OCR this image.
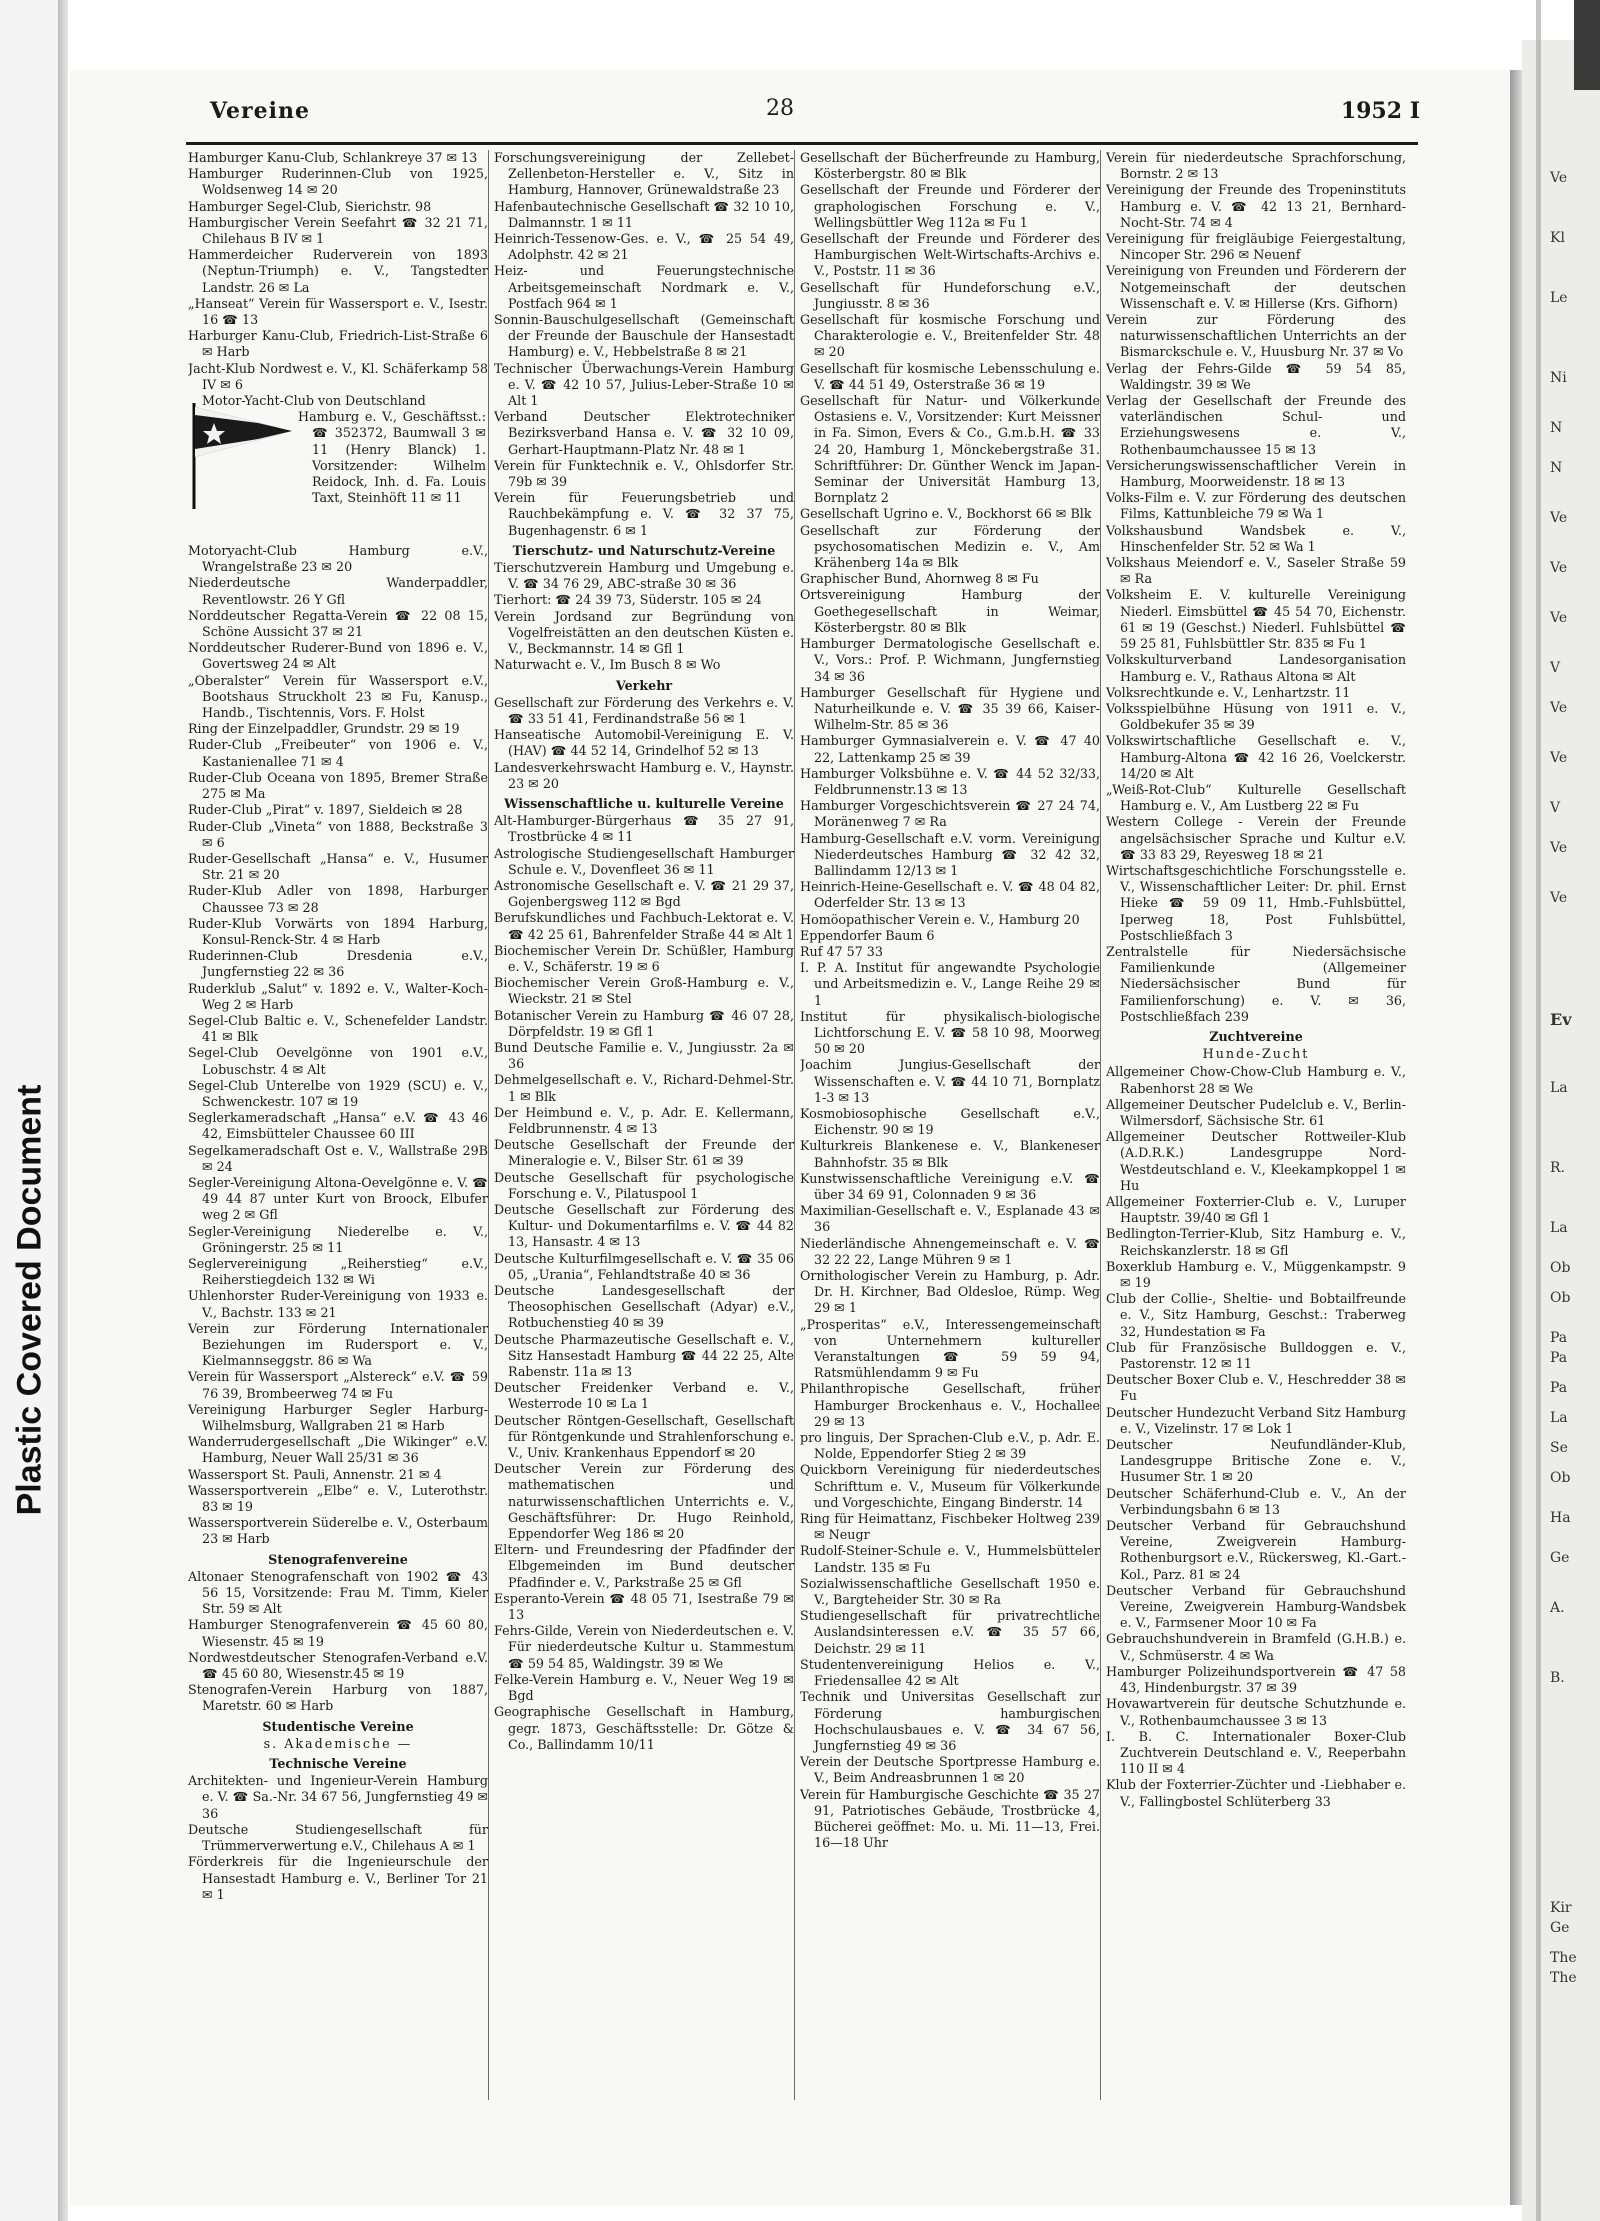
Plastic Covered Document
Ve
Kl
Le
Ni
N
N
Ve
Ve
Ve
V
Ve
Ve
V
Ve
Ve
Ev
La
R.
La
Ob
Ob
Pa
Pa
Pa
La
Se
Ob
Ha
Ge
A.
B.
Kir
Ge
The
The
Vereine	28	1952 I

Hamburger Kanu-Club, Schlankreye 37 ✉ 13

Hamburger Ruderinnen-Club von 1925, Woldsenweg 14 ✉ 20

Hamburger Segel-Club, Sierichstr. 98

Hamburgischer Verein Seefahrt ☎ 32 21 71, Chilehaus B IV ✉ 1

Hammerdeicher Ruderverein von 1893 (Neptun-Triumph) e. V., Tangstedter Landstr. 26 ✉ La

„Hanseat“ Verein für Wassersport e. V., Isestr. 16 ☎ 13

Harburger Kanu-Club, Friedrich-List-Straße 6 ✉ Harb

Jacht-Klub Nordwest e. V., Kl. Schäferkamp 58 IV ✉ 6

Motor-Yacht-Club von Deutschland

Hamburg e. V., Geschäftsst.: ☎ 352372, Baumwall 3 ✉ 11 (Henry Blanck) 1. Vorsitzender: Wilhelm Reidock, Inh. d. Fa. Louis Taxt, Steinhöft 11 ✉ 11

Motoryacht-Club Hamburg e.V., Wrangelstraße 23 ✉ 20

Niederdeutsche Wanderpaddler, Reventlowstr. 26 Y Gfl

Norddeutscher Regatta-Verein ☎ 22 08 15, Schöne Aussicht 37 ✉ 21

Norddeutscher Ruderer-Bund von 1896 e. V., Govertsweg 24 ✉ Alt

„Oberalster“ Verein für Wassersport e.V., Bootshaus Struckholt 23 ✉ Fu, Kanusp., Handb., Tischtennis, Vors. F. Holst

Ring der Einzelpaddler, Grundstr. 29 ✉ 19

Ruder-Club „Freibeuter“ von 1906 e. V., Kastanienallee 71 ✉ 4

Ruder-Club Oceana von 1895, Bremer Straße 275 ✉ Ma

Ruder-Club „Pirat“ v. 1897, Sieldeich ✉ 28

Ruder-Club „Vineta“ von 1888, Beckstraße 3 ✉ 6

Ruder-Gesellschaft „Hansa“ e. V., Husumer Str. 21 ✉ 20

Ruder-Klub Adler von 1898, Harburger Chaussee 73 ✉ 28

Ruder-Klub Vorwärts von 1894 Harburg, Konsul-Renck-Str. 4 ✉ Harb

Ruderinnen-Club Dresdenia e.V., Jungfernstieg 22 ✉ 36

Ruderklub „Salut“ v. 1892 e. V., Walter-Koch-Weg 2 ✉ Harb

Segel-Club Baltic e. V., Schenefelder Landstr. 41 ✉ Blk

Segel-Club Oevelgönne von 1901 e.V., Lobuschstr. 4 ✉ Alt

Segel-Club Unterelbe von 1929 (SCU) e. V., Schwenckestr. 107 ✉ 19

Seglerkameradschaft „Hansa“ e.V. ☎ 43 46 42, Eimsbütteler Chaussee 60 III

Segelkameradschaft Ost e. V., Wallstraße 29B ✉ 24

Segler-Vereinigung Altona-Oevelgönne e. V. ☎ 49 44 87 unter Kurt von Broock, Elbufer weg 2 ✉ Gfl

Segler-Vereinigung Niederelbe e. V., Gröningerstr. 25 ✉ 11

Seglervereinigung „Reiherstieg“ e.V., Reiherstiegdeich 132 ✉ Wi

Uhlenhorster Ruder-Vereinigung von 1933 e. V., Bachstr. 133 ✉ 21

Verein zur Förderung Internationaler Beziehungen im Rudersport e. V., Kielmannseggstr. 86 ✉ Wa

Verein für Wassersport „Alstereck“ e.V. ☎ 59 76 39, Brombeerweg 74 ✉ Fu

Vereinigung Harburger Segler Harburg-Wilhelmsburg, Wallgraben 21 ✉ Harb

Wanderrudergesellschaft „Die Wikinger“ e.V. Hamburg, Neuer Wall 25/31 ✉ 36

Wassersport St. Pauli, Annenstr. 21 ✉ 4

Wassersportverein „Elbe“ e. V., Luterothstr. 83 ✉ 19

Wassersportverein Süderelbe e. V., Osterbaum 23 ✉ Harb

Stenografenvereine

Altonaer Stenografenschaft von 1902 ☎ 43 56 15, Vorsitzende: Frau M. Timm, Kieler Str. 59 ✉ Alt

Hamburger Stenografenverein ☎ 45 60 80, Wiesenstr. 45 ✉ 19

Nordwestdeutscher Stenografen-Verband e.V. ☎ 45 60 80, Wiesenstr.45 ✉ 19

Stenografen-Verein Harburg von 1887, Maretstr. 60 ✉ Harb

Studentische Vereine

s. Akademische —

Technische Vereine

Architekten- und Ingenieur-Verein Hamburg e. V. ☎ Sa.-Nr. 34 67 56, Jungfernstieg 49 ✉ 36

Deutsche Studiengesellschaft für Trümmerverwertung e.V., Chilehaus A ✉ 1

Förderkreis für die Ingenieurschule der Hansestadt Hamburg e. V., Berliner Tor 21 ✉ 1

Forschungsvereinigung der Zellebet-Zellenbeton-Hersteller e. V., Sitz in Hamburg, Hannover, Grünewaldstraße 23

Hafenbautechnische Gesellschaft ☎ 32 10 10, Dalmannstr. 1 ✉ 11

Heinrich-Tessenow-Ges. e. V., ☎ 25 54 49, Adolphstr. 42 ✉ 21

Heiz- und Feuerungstechnische Arbeitsgemeinschaft Nordmark e. V., Postfach 964 ✉ 1

Sonnin-Bauschulgesellschaft (Gemeinschaft der Freunde der Bauschule der Hansestadt Hamburg) e. V., Hebbelstraße 8 ✉ 21

Technischer Überwachungs-Verein Hamburg e. V. ☎ 42 10 57, Julius-Leber-Straße 10 ✉ Alt 1

Verband Deutscher Elektrotechniker Bezirksverband Hansa e. V. ☎ 32 10 09, Gerhart-Hauptmann-Platz Nr. 48 ✉ 1

Verein für Funktechnik e. V., Ohlsdorfer Str. 79b ✉ 39

Verein für Feuerungsbetrieb und Rauchbekämpfung e. V. ☎ 32 37 75, Bugenhagenstr. 6 ✉ 1

Tierschutz- und Naturschutz-Vereine

Tierschutzverein Hamburg und Umgebung e. V. ☎ 34 76 29, ABC-straße 30 ✉ 36

Tierhort: ☎ 24 39 73, Süderstr. 105 ✉ 24

Verein Jordsand zur Begründung von Vogelfreistätten an den deutschen Küsten e. V., Beckmannstr. 14 ✉ Gfl 1

Naturwacht e. V., Im Busch 8 ✉ Wo

Verkehr

Gesellschaft zur Förderung des Verkehrs e. V. ☎ 33 51 41, Ferdinandstraße 56 ✉ 1

Hanseatische Automobil-Vereinigung E. V. (HAV) ☎ 44 52 14, Grindelhof 52 ✉ 13

Landesverkehrswacht Hamburg e. V., Haynstr. 23 ✉ 20

Wissenschaftliche u. kulturelle Vereine

Alt-Hamburger-Bürgerhaus ☎ 35 27 91, Trostbrücke 4 ✉ 11

Astrologische Studiengesellschaft Hamburger Schule e. V., Dovenfleet 36 ✉ 11

Astronomische Gesellschaft e. V. ☎ 21 29 37, Gojenbergsweg 112 ✉ Bgd

Berufskundliches und Fachbuch-Lektorat e. V. ☎ 42 25 61, Bahrenfelder Straße 44 ✉ Alt 1

Biochemischer Verein Dr. Schüßler, Hamburg e. V., Schäferstr. 19 ✉ 6

Biochemischer Verein Groß-Hamburg e. V., Wieckstr. 21 ✉ Stel

Botanischer Verein zu Hamburg ☎ 46 07 28, Dörpfeldstr. 19 ✉ Gfl 1

Bund Deutsche Familie e. V., Jungiusstr. 2a ✉ 36

Dehmelgesellschaft e. V., Richard-Dehmel-Str. 1 ✉ Blk

Der Heimbund e. V., p. Adr. E. Kellermann, Feldbrunnenstr. 4 ✉ 13

Deutsche Gesellschaft der Freunde der Mineralogie e. V., Bilser Str. 61 ✉ 39

Deutsche Gesellschaft für psychologische Forschung e. V., Pilatuspool 1

Deutsche Gesellschaft zur Förderung des Kultur- und Dokumentarfilms e. V. ☎ 44 82 13, Hansastr. 4 ✉ 13

Deutsche Kulturfilmgesellschaft e. V. ☎ 35 06 05, „Urania“, Fehlandtstraße 40 ✉ 36

Deutsche Landesgesellschaft der Theosophischen Gesellschaft (Adyar) e.V., Rotbuchenstieg 40 ✉ 39

Deutsche Pharmazeutische Gesellschaft e. V., Sitz Hansestadt Hamburg ☎ 44 22 25, Alte Rabenstr. 11a ✉ 13

Deutscher Freidenker Verband e. V., Westerrode 10 ✉ La 1

Deutscher Röntgen-Gesellschaft, Gesellschaft für Röntgenkunde und Strahlenforschung e. V., Univ. Krankenhaus Eppendorf ✉ 20

Deutscher Verein zur Förderung des mathematischen und naturwissenschaftlichen Unterrichts e. V., Geschäftsführer: Dr. Hugo Reinhold, Eppendorfer Weg 186 ✉ 20

Eltern- und Freundesring der Pfadfinder der Elbgemeinden im Bund deutscher Pfadfinder e. V., Parkstraße 25 ✉ Gfl

Esperanto-Verein ☎ 48 05 71, Isestraße 79 ✉ 13

Fehrs-Gilde, Verein von Niederdeutschen e. V. Für niederdeutsche Kultur u. Stammestum ☎ 59 54 85, Waldingstr. 39 ✉ We

Felke-Verein Hamburg e. V., Neuer Weg 19 ✉ Bgd

Geographische Gesellschaft in Hamburg, gegr. 1873, Geschäftsstelle: Dr. Götze & Co., Ballindamm 10/11

Gesellschaft der Bücherfreunde zu Hamburg, Kösterbergstr. 80 ✉ Blk

Gesellschaft der Freunde und Förderer der graphologischen Forschung e. V., Wellingsbüttler Weg 112a ✉ Fu 1

Gesellschaft der Freunde und Förderer des Hamburgischen Welt-Wirtschafts-Archivs e. V., Poststr. 11 ✉ 36

Gesellschaft für Hundeforschung e.V., Jungiusstr. 8 ✉ 36

Gesellschaft für kosmische Forschung und Charakterologie e. V., Breitenfelder Str. 48 ✉ 20

Gesellschaft für kosmische Lebensschulung e. V. ☎ 44 51 49, Osterstraße 36 ✉ 19

Gesellschaft für Natur- und Völkerkunde Ostasiens e. V., Vorsitzender: Kurt Meissner in Fa. Simon, Evers & Co., G.m.b.H. ☎ 33 24 20, Hamburg 1, Mönckebergstraße 31. Schriftführer: Dr. Günther Wenck im Japan-Seminar der Universität Hamburg 13, Bornplatz 2

Gesellschaft Ugrino e. V., Bockhorst 66 ✉ Blk

Gesellschaft zur Förderung der psychosomatischen Medizin e. V., Am Krähenberg 14a ✉ Blk

Graphischer Bund, Ahornweg 8 ✉ Fu

Ortsvereinigung Hamburg der Goethegesellschaft in Weimar, Kösterbergstr. 80 ✉ Blk

Hamburger Dermatologische Gesellschaft e. V., Vors.: Prof. P. Wichmann, Jungfernstieg 34 ✉ 36

Hamburger Gesellschaft für Hygiene und Naturheilkunde e. V. ☎ 35 39 66, Kaiser-Wilhelm-Str. 85 ✉ 36

Hamburger Gymnasialverein e. V. ☎ 47 40 22, Lattenkamp 25 ✉ 39

Hamburger Volksbühne e. V. ☎ 44 52 32/33, Feldbrunnenstr.13 ✉ 13

Hamburger Vorgeschichtsverein ☎ 27 24 74, Moränenweg 7 ✉ Ra

Hamburg-Gesellschaft e.V. vorm. Vereinigung Niederdeutsches Hamburg ☎ 32 42 32, Ballindamm 12/13 ✉ 1

Heinrich-Heine-Gesellschaft e. V. ☎ 48 04 82, Oderfelder Str. 13 ✉ 13

Homöopathischer Verein e. V., Hamburg 20

Eppendorfer Baum 6

Ruf 47 57 33

I. P. A. Institut für angewandte Psychologie und Arbeitsmedizin e. V., Lange Reihe 29 ✉ 1

Institut für physikalisch-biologische Lichtforschung E. V. ☎ 58 10 98, Moorweg 50 ✉ 20

Joachim Jungius-Gesellschaft der Wissenschaften e. V. ☎ 44 10 71, Bornplatz 1-3 ✉ 13

Kosmobiosophische Gesellschaft e.V., Eichenstr. 90 ✉ 19

Kulturkreis Blankenese e. V., Blankeneser Bahnhofstr. 35 ✉ Blk

Kunstwissenschaftliche Vereinigung e.V. ☎ über 34 69 91, Colonnaden 9 ✉ 36

Maximilian-Gesellschaft e. V., Esplanade 43 ✉ 36

Niederländische Ahnengemeinschaft e. V. ☎ 32 22 22, Lange Mühren 9 ✉ 1

Ornithologischer Verein zu Hamburg, p. Adr. Dr. H. Kirchner, Bad Oldesloe, Rümp. Weg 29 ✉ 1

„Prosperitas“ e.V., Interessengemeinschaft von Unternehmern kultureller Veranstaltungen ☎ 59 59 94, Ratsmühlendamm 9 ✉ Fu

Philanthropische Gesellschaft, früher Hamburger Brockenhaus e. V., Hochallee 29 ✉ 13

pro linguis, Der Sprachen-Club e.V., p. Adr. E. Nolde, Eppendorfer Stieg 2 ✉ 39

Quickborn Vereinigung für niederdeutsches Schrifttum e. V., Museum für Völkerkunde und Vorgeschichte, Eingang Binderstr. 14

Ring für Heimattanz, Fischbeker Holtweg 239 ✉ Neugr

Rudolf-Steiner-Schule e. V., Hummelsbütteler Landstr. 135 ✉ Fu

Sozialwissenschaftliche Gesellschaft 1950 e. V., Bargteheider Str. 30 ✉ Ra

Studiengesellschaft für privatrechtliche Auslandsinteressen e.V. ☎ 35 57 66, Deichstr. 29 ✉ 11

Studentenvereinigung Helios e. V., Friedensallee 42 ✉ Alt

Technik und Universitas Gesellschaft zur Förderung hamburgischen Hochschulausbaues e. V. ☎ 34 67 56, Jungfernstieg 49 ✉ 36

Verein der Deutsche Sportpresse Hamburg e. V., Beim Andreasbrunnen 1 ✉ 20

Verein für Hamburgische Geschichte ☎ 35 27 91, Patriotisches Gebäude, Trostbrücke 4, Bücherei geöffnet: Mo. u. Mi. 11—13, Frei. 16—18 Uhr

Verein für niederdeutsche Sprachforschung, Bornstr. 2 ✉ 13

Vereinigung der Freunde des Tropeninstituts Hamburg e. V. ☎ 42 13 21, Bernhard-Nocht-Str. 74 ✉ 4

Vereinigung für freigläubige Feiergestaltung, Nincoper Str. 296 ✉ Neuenf

Vereinigung von Freunden und Förderern der Notgemeinschaft der deutschen Wissenschaft e. V. ✉ Hillerse (Krs. Gifhorn)

Verein zur Förderung des naturwissenschaftlichen Unterrichts an der Bismarckschule e. V., Huusburg Nr. 37 ✉ Vo

Verlag der Fehrs-Gilde ☎ 59 54 85, Waldingstr. 39 ✉ We

Verlag der Gesellschaft der Freunde des vaterländischen Schul- und Erziehungswesens e. V., Rothenbaumchaussee 15 ✉ 13

Versicherungswissenschaftlicher Verein in Hamburg, Moorweidenstr. 18 ✉ 13

Volks-Film e. V. zur Förderung des deutschen Films, Kattunbleiche 79 ✉ Wa 1

Volkshausbund Wandsbek e. V., Hinschenfelder Str. 52 ✉ Wa 1

Volkshaus Meiendorf e. V., Saseler Straße 59 ✉ Ra

Volksheim E. V. kulturelle Vereinigung Niederl. Eimsbüttel ☎ 45 54 70, Eichenstr. 61 ✉ 19 (Geschst.) Niederl. Fuhlsbüttel ☎ 59 25 81, Fuhlsbüttler Str. 835 ✉ Fu 1

Volkskulturverband Landesorganisation Hamburg e. V., Rathaus Altona ✉ Alt

Volksrechtkunde e. V., Lenhartzstr. 11

Volksspielbühne Hüsung von 1911 e. V., Goldbekufer 35 ✉ 39

Volkswirtschaftliche Gesellschaft e. V., Hamburg-Altona ☎ 42 16 26, Voelckerstr. 14/20 ✉ Alt

„Weiß-Rot-Club“ Kulturelle Gesellschaft Hamburg e. V., Am Lustberg 22 ✉ Fu

Western College - Verein der Freunde angelsächsischer Sprache und Kultur e.V. ☎ 33 83 29, Reyesweg 18 ✉ 21

Wirtschaftsgeschichtliche Forschungsstelle e. V., Wissenschaftlicher Leiter: Dr. phil. Ernst Hieke ☎ 59 09 11, Hmb.-Fuhlsbüttel, Iperweg 18, Post Fuhlsbüttel, Postschließfach 3

Zentralstelle für Niedersächsische Familienkunde (Allgemeiner Niedersächsischer Bund für Familienforschung) e. V. ✉ 36, Postschließfach 239

Zuchtvereine

Hunde-Zucht

Allgemeiner Chow-Chow-Club Hamburg e. V., Rabenhorst 28 ✉ We

Allgemeiner Deutscher Pudelclub e. V., Berlin-Wilmersdorf, Sächsische Str. 61

Allgemeiner Deutscher Rottweiler-Klub (A.D.R.K.) Landesgruppe Nord-Westdeutschland e. V., Kleekampkoppel 1 ✉ Hu

Allgemeiner Foxterrier-Club e. V., Luruper Hauptstr. 39/40 ✉ Gfl 1

Bedlington-Terrier-Klub, Sitz Hamburg e. V., Reichskanzlerstr. 18 ✉ Gfl

Boxerklub Hamburg e. V., Müggenkampstr. 9 ✉ 19

Club der Collie-, Sheltie- und Bobtailfreunde e. V., Sitz Hamburg, Geschst.: Traberweg 32, Hundestation ✉ Fa

Club für Französische Bulldoggen e. V., Pastorenstr. 12 ✉ 11

Deutscher Boxer Club e. V., Heschredder 38 ✉ Fu

Deutscher Hundezucht Verband Sitz Hamburg e. V., Vizelinstr. 17 ✉ Lok 1

Deutscher Neufundländer-Klub, Landesgruppe Britische Zone e. V., Husumer Str. 1 ✉ 20

Deutscher Schäferhund-Club e. V., An der Verbindungsbahn 6 ✉ 13

Deutscher Verband für Gebrauchshund Vereine, Zweigverein Hamburg-Rothenburgsort e.V., Rückersweg, Kl.-Gart.-Kol., Parz. 81 ✉ 24

Deutscher Verband für Gebrauchshund Vereine, Zweigverein Hamburg-Wandsbek e. V., Farmsener Moor 10 ✉ Fa

Gebrauchshundverein in Bramfeld (G.H.B.) e. V., Schmüserstr. 4 ✉ Wa

Hamburger Polizeihundsportverein ☎ 47 58 43, Hindenburgstr. 37 ✉ 39

Hovawartverein für deutsche Schutzhunde e. V., Rothenbaumchaussee 3 ✉ 13

I. B. C. Internationaler Boxer-Club Zuchtverein Deutschland e. V., Reeperbahn 110 II ✉ 4

Klub der Foxterrier-Züchter und -Liebhaber e. V., Fallingbostel Schlüterberg 33
